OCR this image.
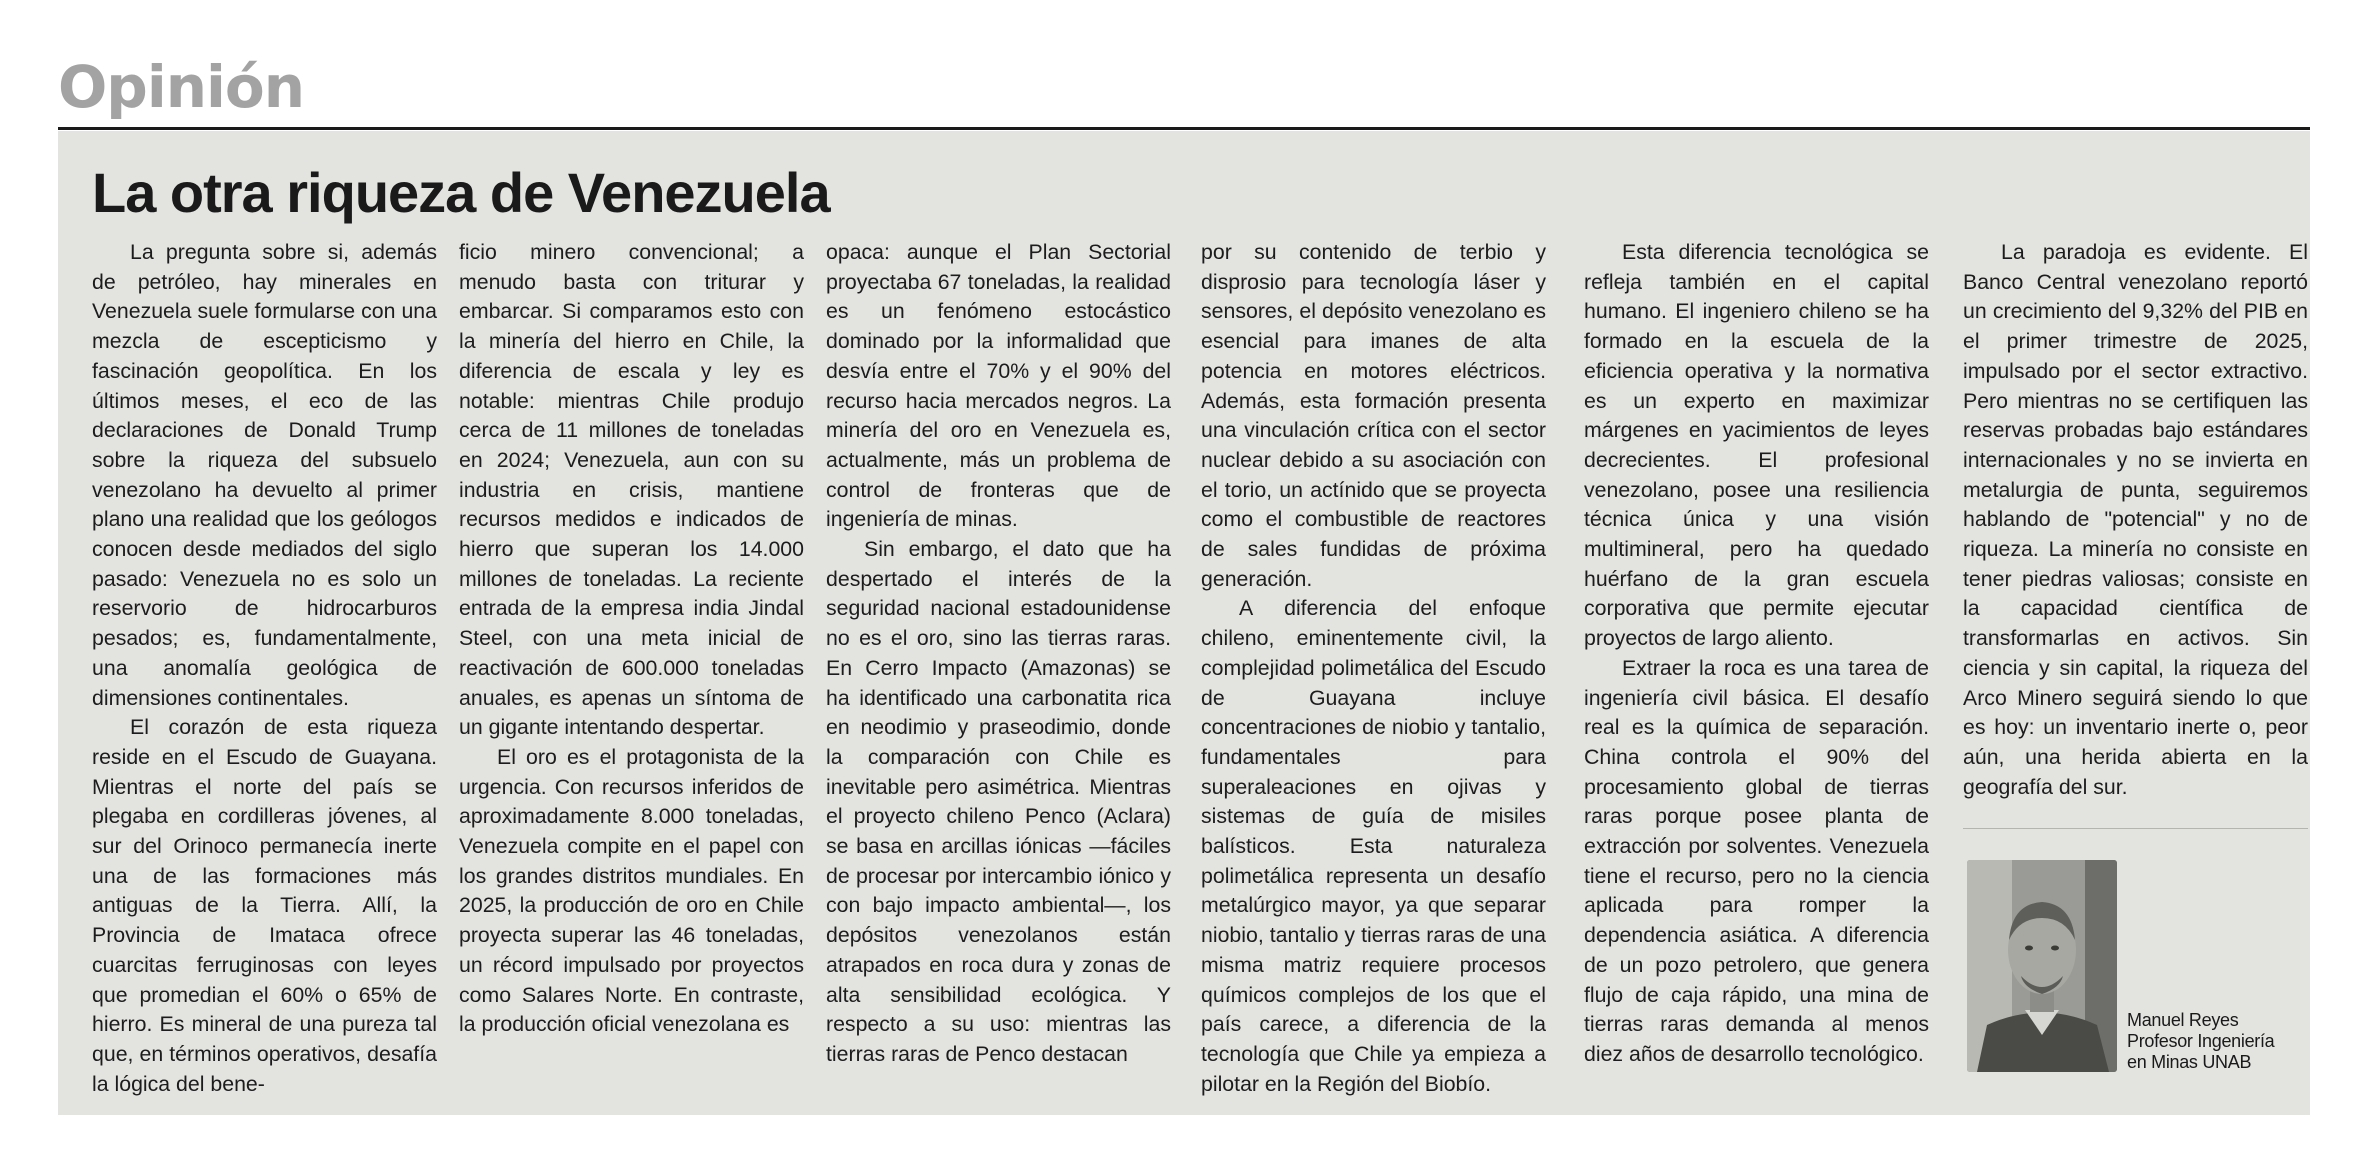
Opinión
La otra riqueza de Venezuela

La pregunta sobre si, además de petróleo, hay minerales en Venezuela suele formularse con una mezcla de escepticismo y fascinación geopolítica. En los últimos meses, el eco de las declaraciones de Donald Trump sobre la riqueza del subsuelo venezolano ha devuelto al primer plano una realidad que los geólogos conocen desde mediados del siglo pasado: Venezuela no es solo un reservorio de hidrocarburos pesados; es, fundamentalmente, una anomalía geológica de dimensiones continentales.

El corazón de esta riqueza reside en el Escudo de Guayana. Mientras el norte del país se plegaba en cordilleras jóvenes, al sur del Orinoco permanecía inerte una de las formaciones más antiguas de la Tierra. Allí, la Provincia de Imataca ofrece cuarcitas ferruginosas con leyes que promedian el 60% o 65% de hierro. Es mineral de una pureza tal que, en términos operativos, desafía la lógica del bene-

ficio minero convencional; a menudo basta con triturar y embarcar. Si comparamos esto con la minería del hierro en Chile, la diferencia de escala y ley es notable: mientras Chile produjo cerca de 11 millones de toneladas en 2024; Venezuela, aun con su industria en crisis, mantiene recursos medidos e indicados de hierro que superan los 14.000 millones de toneladas. La reciente entrada de la empresa india Jindal Steel, con una meta inicial de reactivación de 600.000 toneladas anuales, es apenas un síntoma de un gigante intentando despertar.

El oro es el protagonista de la urgencia. Con recursos inferidos de aproximadamente 8.000 toneladas, Venezuela compite en el papel con los grandes distritos mundiales. En 2025, la producción de oro en Chile proyecta superar las 46 toneladas, un récord impulsado por proyectos como Salares Norte. En contraste, la producción oficial venezolana es

opaca: aunque el Plan Sectorial proyectaba 67 toneladas, la realidad es un fenómeno estocástico dominado por la informalidad que desvía entre el 70% y el 90% del recurso hacia mercados negros. La minería del oro en Venezuela es, actualmente, más un problema de control de fronteras que de ingeniería de minas.

Sin embargo, el dato que ha despertado el interés de la seguridad nacional estadounidense no es el oro, sino las tierras raras. En Cerro Impacto (Amazonas) se ha identificado una carbonatita rica en neodimio y praseodimio, donde la comparación con Chile es inevitable pero asimétrica. Mientras el proyecto chileno Penco (Aclara) se basa en arcillas iónicas —fáciles de procesar por intercambio iónico y con bajo impacto ambiental—, los depósitos venezolanos están atrapados en roca dura y zonas de alta sensibilidad ecológica. Y respecto a su uso: mientras las tierras raras de Penco destacan

por su contenido de terbio y disprosio para tecnología láser y sensores, el depósito venezolano es esencial para imanes de alta potencia en motores eléctricos. Además, esta formación presenta una vinculación crítica con el sector nuclear debido a su asociación con el torio, un actínido que se proyecta como el combustible de reactores de sales fundidas de próxima generación.

A diferencia del enfoque chileno, eminentemente civil, la complejidad polimetálica del Escudo de Guayana incluye concentraciones de niobio y tantalio, fundamentales para superaleaciones en ojivas y sistemas de guía de misiles balísticos. Esta naturaleza polimetálica representa un desafío metalúrgico mayor, ya que separar niobio, tantalio y tierras raras de una misma matriz requiere procesos químicos complejos de los que el país carece, a diferencia de la tecnología que Chile ya empieza a pilotar en la Región del Biobío.

Esta diferencia tecnológica se refleja también en el capital humano. El ingeniero chileno se ha formado en la escuela de la eficiencia operativa y la normativa es un experto en maximizar márgenes en yacimientos de leyes decrecientes. El profesional venezolano, posee una resiliencia técnica única y una visión multimineral, pero ha quedado huérfano de la gran escuela corporativa que permite ejecutar proyectos de largo aliento.

Extraer la roca es una tarea de ingeniería civil básica. El desafío real es la química de separación. China controla el 90% del procesamiento global de tierras raras porque posee planta de extracción por solventes. Venezuela tiene el recurso, pero no la ciencia aplicada para romper la dependencia asiática. A diferencia de un pozo petrolero, que genera flujo de caja rápido, una mina de tierras raras demanda al menos diez años de desarrollo tecnológico.

La paradoja es evidente. El Banco Central venezolano reportó un crecimiento del 9,32% del PIB en el primer trimestre de 2025, impulsado por el sector extractivo. Pero mientras no se certifiquen las reservas probadas bajo estándares internacionales y no se invierta en metalurgia de punta, seguiremos hablando de "potencial" y no de riqueza. La minería no consiste en tener piedras valiosas; consiste en la capacidad científica de transformarlas en activos. Sin ciencia y sin capital, la riqueza del Arco Minero seguirá siendo lo que es hoy: un inventario inerte o, peor aún, una herida abierta en la geografía del sur.

Manuel Reyes
Profesor Ingeniería
en Minas UNAB
